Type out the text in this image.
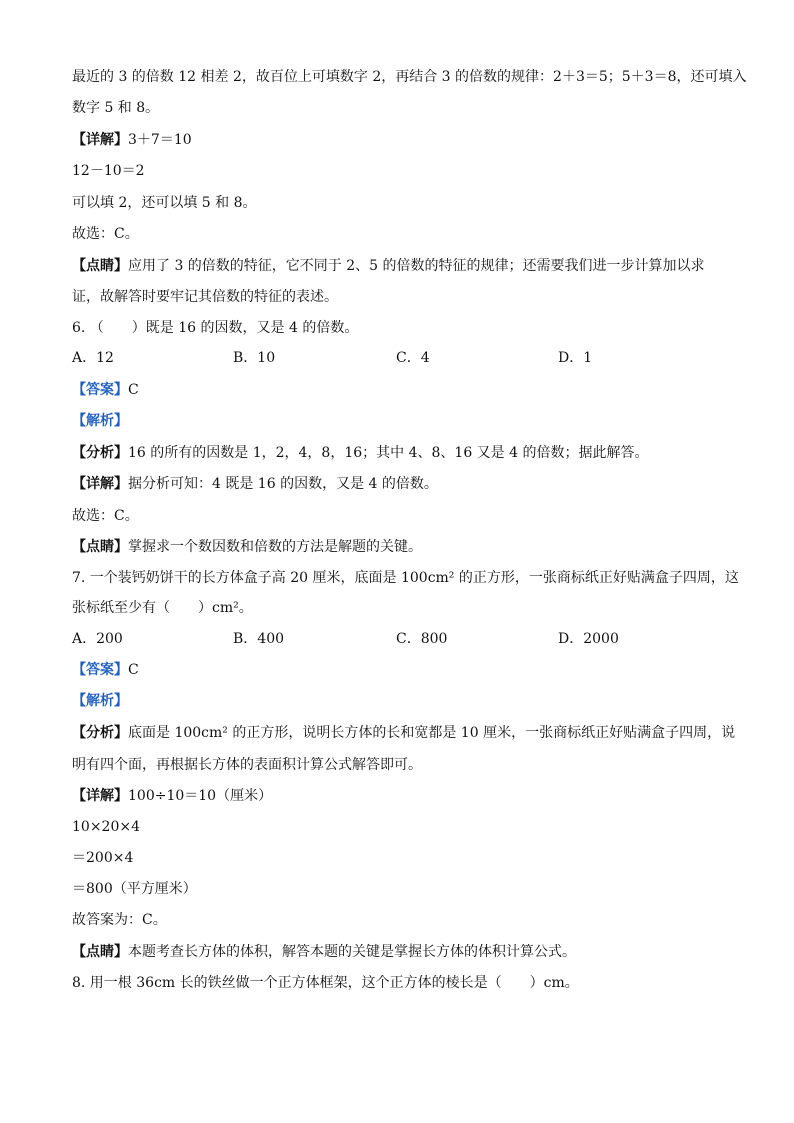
最近的 3 的倍数 12 相差 2，故百位上可填数字 2，再结合 3 的倍数的规律：2＋3＝5；5＋3＝8，还可填入
数字 5 和 8。
【详解】3＋7＝10
12－10＝2
可以填 2，还可以填 5 和 8。
故选：C。
【点睛】应用了 3 的倍数的特征，它不同于 2、5 的倍数的特征的规律；还需要我们进一步计算加以求
证，故解答时要牢记其倍数的特征的表述。
6. （　　）既是 16 的因数，又是 4 的倍数。
A．12	B．10	C．4	D．1
【答案】C
【解析】
【分析】16 的所有的因数是 1，2，4，8，16；其中 4、8、16 又是 4 的倍数；据此解答。
【详解】据分析可知：4 既是 16 的因数，又是 4 的倍数。
故选：C。
【点睛】掌握求一个数因数和倍数的方法是解题的关键。
7. 一个装钙奶饼干的长方体盒子高 20 厘米，底面是 100cm² 的正方形，一张商标纸正好贴满盒子四周，这
张标纸至少有（　　）cm²。
A．200	B．400	C．800	D．2000
【答案】C
【解析】
【分析】底面是 100cm² 的正方形，说明长方体的长和宽都是 10 厘米，一张商标纸正好贴满盒子四周，说
明有四个面，再根据长方体的表面积计算公式解答即可。
【详解】100÷10＝10（厘米）
10×20×4
＝200×4
＝800（平方厘米）
故答案为：C。
【点睛】本题考查长方体的体积，解答本题的关键是掌握长方体的体积计算公式。
8. 用一根 36cm 长的铁丝做一个正方体框架，这个正方体的棱长是（　　）cm。
